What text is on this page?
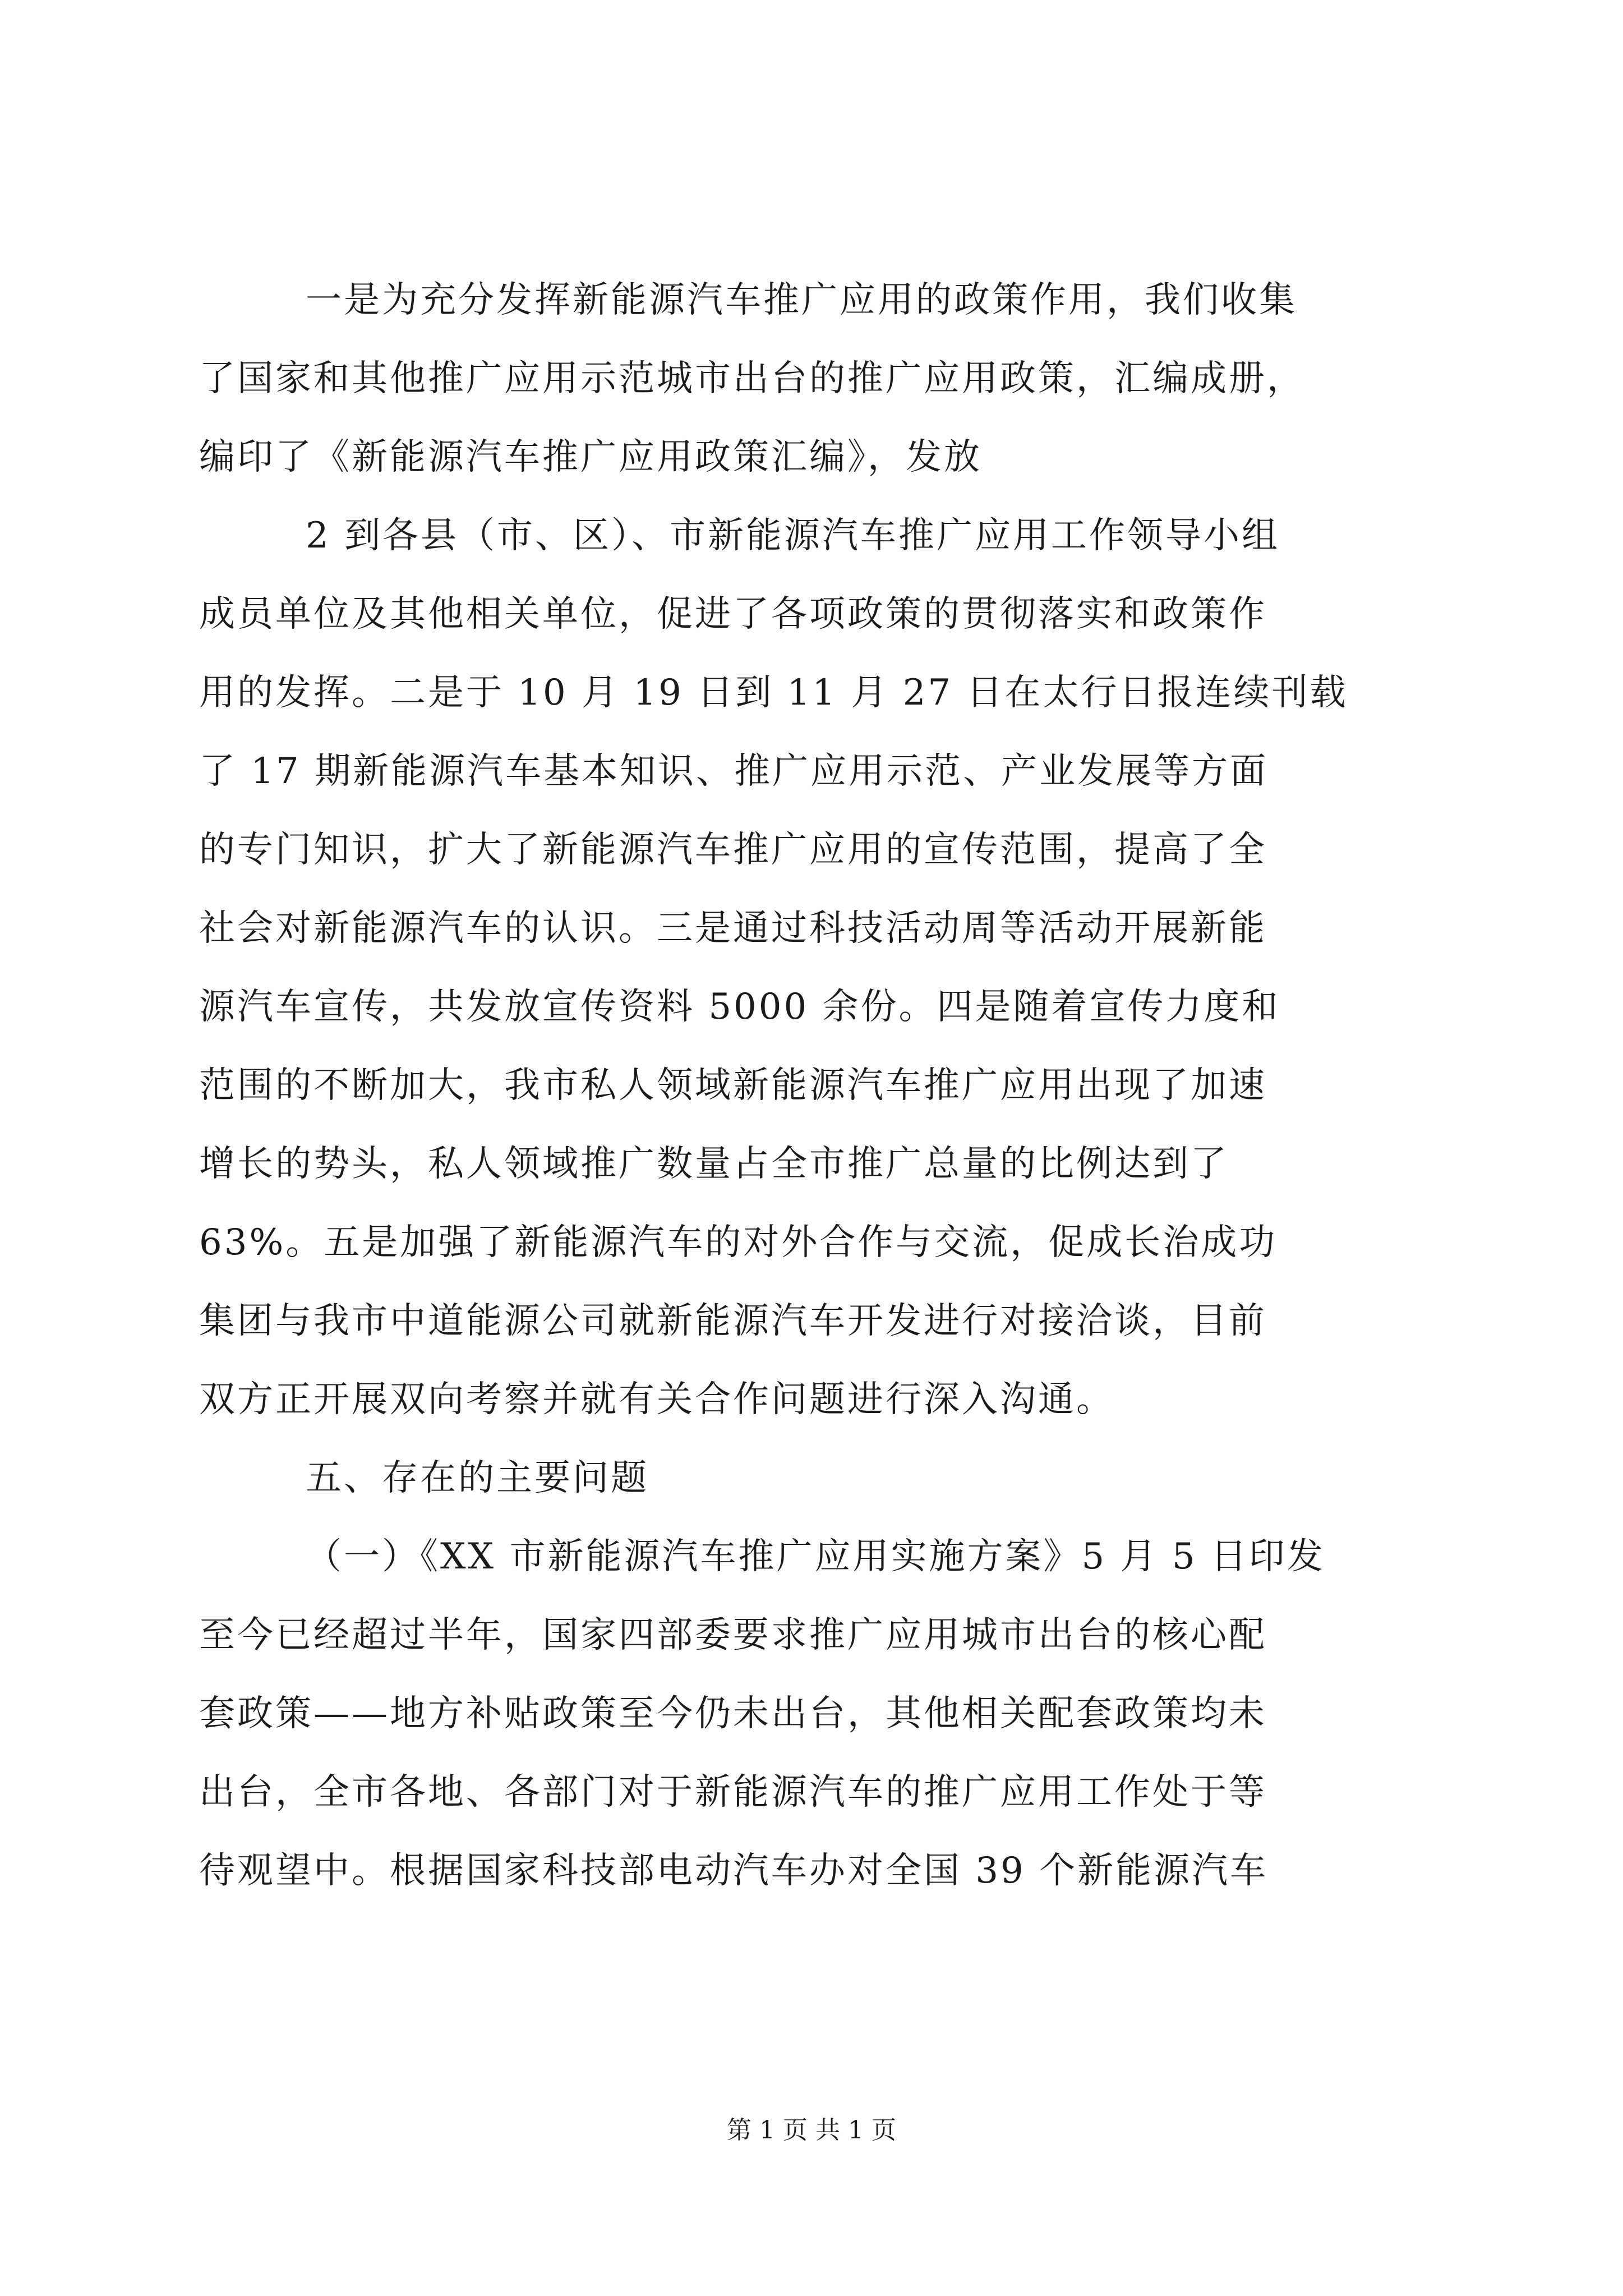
一是为充分发挥新能源汽车推广应用的政策作用，我们收集
了国家和其他推广应用示范城市出台的推广应用政策，汇编成册，
编印了《新能源汽车推广应用政策汇编》，发放
2 到各县（市、区）、市新能源汽车推广应用工作领导小组
成员单位及其他相关单位，促进了各项政策的贯彻落实和政策作
用的发挥。二是于 10 月 19 日到 11 月 27 日在太行日报连续刊载
了 17 期新能源汽车基本知识、推广应用示范、产业发展等方面
的专门知识，扩大了新能源汽车推广应用的宣传范围，提高了全
社会对新能源汽车的认识。三是通过科技活动周等活动开展新能
源汽车宣传，共发放宣传资料 5000 余份。四是随着宣传力度和
范围的不断加大，我市私人领域新能源汽车推广应用出现了加速
增长的势头，私人领域推广数量占全市推广总量的比例达到了
63%。五是加强了新能源汽车的对外合作与交流，促成长治成功
集团与我市中道能源公司就新能源汽车开发进行对接洽谈，目前
双方正开展双向考察并就有关合作问题进行深入沟通。
五、存在的主要问题
（一）《XX 市新能源汽车推广应用实施方案》5 月 5 日印发
至今已经超过半年，国家四部委要求推广应用城市出台的核心配
套政策——地方补贴政策至今仍未出台，其他相关配套政策均未
出台，全市各地、各部门对于新能源汽车的推广应用工作处于等
待观望中。根据国家科技部电动汽车办对全国 39 个新能源汽车
第 1 页 共 1 页
